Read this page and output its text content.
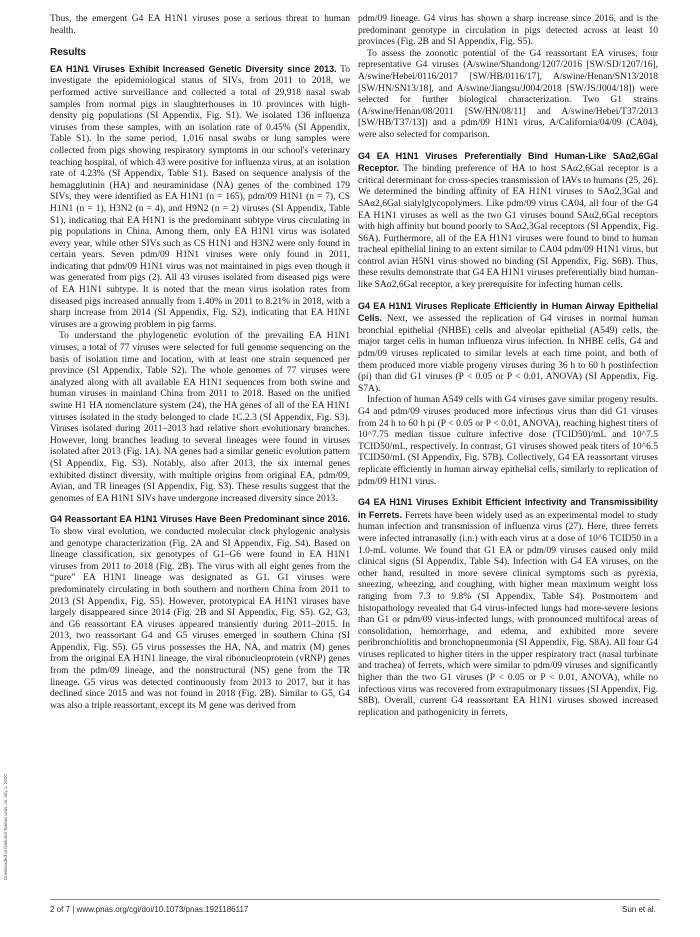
Thus, the emergent G4 EA H1N1 viruses pose a serious threat to human health.

Results

EA H1N1 Viruses Exhibit Increased Genetic Diversity since 2013. To investigate the epidemiological status of SIVs, from 2011 to 2018, we performed active surveillance and collected a total of 29,918 nasal swab samples from normal pigs in slaughterhouses in 10 provinces with high-density pig populations (SI Appendix, Fig. S1). We isolated 136 influenza viruses from these samples, with an isolation rate of 0.45% (SI Appendix, Table S1). In the same period, 1,016 nasal swabs or lung samples were collected from pigs showing respiratory symptoms in our school's veterinary teaching hospital, of which 43 were positive for influenza virus, at an isolation rate of 4.23% (SI Appendix, Table S1). Based on sequence analysis of the hemagglutinin (HA) and neuraminidase (NA) genes of the combined 179 SIVs, they were identified as EA H1N1 (n = 165), pdm/09 H1N1 (n = 7), CS H1N1 (n = 1), H3N2 (n = 4), and H9N2 (n = 2) viruses (SI Appendix, Table S1), indicating that EA H1N1 is the predominant subtype virus circulating in pig populations in China. Among them, only EA H1N1 virus was isolated every year, while other SIVs such as CS H1N1 and H3N2 were only found in certain years. Seven pdm/09 H1N1 viruses were only found in 2011, indicating that pdm/09 H1N1 virus was not maintained in pigs even though it was generated from pigs (2). All 43 viruses isolated from diseased pigs were of EA H1N1 subtype. It is noted that the mean virus isolation rates from diseased pigs increased annually from 1.40% in 2011 to 8.21% in 2018, with a sharp increase from 2014 (SI Appendix, Fig. S2), indicating that EA H1N1 viruses are a growing problem in pig farms.

To understand the phylogenetic evolution of the prevailing EA H1N1 viruses, a total of 77 viruses were selected for full genome sequencing on the basis of isolation time and location, with at least one strain sequenced per province (SI Appendix, Table S2). The whole genomes of 77 viruses were analyzed along with all available EA H1N1 sequences from both swine and human viruses in mainland China from 2011 to 2018. Based on the unified swine H1 HA nomenclature system (24), the HA genes of all of the EA H1N1 viruses isolated in the study belonged to clade 1C.2.3 (SI Appendix, Fig. S3). Viruses isolated during 2011–2013 had relative short evolutionary branches. However, long branches leading to several lineages were found in viruses isolated after 2013 (Fig. 1A). NA genes had a similar genetic evolution pattern (SI Appendix, Fig. S3). Notably, also after 2013, the six internal genes exhibited distinct diversity, with multiple origins from original EA, pdm/09, Avian, and TR lineages (SI Appendix, Fig. S3). These results suggest that the genomes of EA H1N1 SIVs have undergone increased diversity since 2013.

G4 Reassortant EA H1N1 Viruses Have Been Predominant since 2016. To show viral evolution, we conducted molecular clock phylogenic analysis and genotype characterization (Fig. 2A and SI Appendix, Fig. S4). Based on lineage classification, six genotypes of G1–G6 were found in EA H1N1 viruses from 2011 to 2018 (Fig. 2B). The virus with all eight genes from the “pure” EA H1N1 lineage was designated as G1. G1 viruses were predominately circulating in both southern and northern China from 2011 to 2013 (SI Appendix, Fig. S5). However, prototypical EA H1N1 viruses have largely disappeared since 2014 (Fig. 2B and SI Appendix, Fig. S5). G2, G3, and G6 reassortant EA viruses appeared transiently during 2011–2015. In 2013, two reassortant G4 and G5 viruses emerged in southern China (SI Appendix, Fig. S5). G5 virus possesses the HA, NA, and matrix (M) genes from the original EA H1N1 lineage, the viral ribonucleoprotein (vRNP) genes from the pdm/09 lineage, and the nonstructural (NS) gene from the TR lineage. G5 virus was detected continuously from 2013 to 2017, but it has declined since 2015 and was not found in 2018 (Fig. 2B). Similar to G5, G4 was also a triple reassortant, except its M gene was derived from

pdm/09 lineage. G4 virus has shown a sharp increase since 2016, and is the predominant genotype in circulation in pigs detected across at least 10 provinces (Fig. 2B and SI Appendix, Fig. S5).

To assess the zoonotic potential of the G4 reassortant EA viruses, four representative G4 viruses (A/swine/Shandong/1207/2016 [SW/SD/1207/16], A/swine/Hebei/0116/2017 [SW/HB/0116/17], A/swine/Henan/SN13/2018 [SW/HN/SN13/18], and A/swine/Jiangsu/J004/2018 [SW/JS/J004/18]) were selected for further biological characterization. Two G1 strains (A/swine/Henan/08/2011 [SW/HN/08/11] and A/swine/Hebei/T37/2013 [SW/HB/T37/13]) and a pdm/09 H1N1 virus, A/California/04/09 (CA04), were also selected for comparison.

G4 EA H1N1 Viruses Preferentially Bind Human-Like SAα2,6Gal Receptor. The binding preference of HA to host SAα2,6Gal receptor is a critical determinant for cross-species transmission of IAVs to humans (25, 26). We determined the binding affinity of EA H1N1 viruses to SAα2,3Gal and SAα2,6Gal sialylglycopolymers. Like pdm/09 virus CA04, all four of the G4 EA H1N1 viruses as well as the two G1 viruses bound SAα2,6Gal receptors with high affinity but bound poorly to SAα2,3Gal receptors (SI Appendix, Fig. S6A). Furthermore, all of the EA H1N1 viruses were found to bind to human tracheal epithelial lining to an extent similar to CA04 pdm/09 H1N1 virus, but control avian H5N1 virus showed no binding (SI Appendix, Fig. S6B). Thus, these results demonstrate that G4 EA H1N1 viruses preferentially bind human-like SAα2,6Gal receptor, a key prerequisite for infecting human cells.

G4 EA H1N1 Viruses Replicate Efficiently in Human Airway Epithelial Cells. Next, we assessed the replication of G4 viruses in normal human bronchial epithelial (NHBE) cells and alveolar epithelial (A549) cells, the major target cells in human influenza virus infection. In NHBE cells, G4 and pdm/09 viruses replicated to similar levels at each time point, and both of them produced more viable progeny viruses during 36 h to 60 h postinfection (pi) than did G1 viruses (P < 0.05 or P < 0.01, ANOVA) (SI Appendix, Fig. S7A).

Infection of human A549 cells with G4 viruses gave similar progeny results. G4 and pdm/09 viruses produced more infectious virus than did G1 viruses from 24 h to 60 h pi (P < 0.05 or P < 0.01, ANOVA), reaching highest titers of 10^7.75 median tissue culture infective dose (TCID50)/mL and 10^7.5 TCID50/mL, respectively. In contrast, G1 viruses showed peak titers of 10^6.5 TCID50/mL (SI Appendix, Fig. S7B). Collectively, G4 EA reassortant viruses replicate efficiently in human airway epithelial cells, similarly to replication of pdm/09 H1N1 virus.

G4 EA H1N1 Viruses Exhibit Efficient Infectivity and Transmissibility in Ferrets. Ferrets have been widely used as an experimental model to study human infection and transmission of influenza virus (27). Here, three ferrets were infected intranasally (i.n.) with each virus at a dose of 10^6 TCID50 in a 1.0-mL volume. We found that G1 EA or pdm/09 viruses caused only mild clinical signs (SI Appendix, Table S4). Infection with G4 EA viruses, on the other hand, resulted in more severe clinical symptoms such as pyrexia, sneezing, wheezing, and coughing, with higher mean maximum weight loss ranging from 7.3 to 9.8% (SI Appendix, Table S4). Postmortem and histopathology revealed that G4 virus-infected lungs had more-severe lesions than G1 or pdm/09 virus-infected lungs, with pronounced multifocal areas of consolidation, hemorrhage, and edema, and exhibited more severe peribronchiolitis and bronchopneumonia (SI Appendix, Fig. S8A). All four G4 viruses replicated to higher titers in the upper respiratory tract (nasal turbinate and trachea) of ferrets, which were similar to pdm/09 viruses and significantly higher than the two G1 viruses (P < 0.05 or P < 0.01, ANOVA), while no infectious virus was recovered from extrapulmonary tissues (SI Appendix, Fig. S8B). Overall, current G4 reassortant EA H1N1 viruses showed increased replication and pathogenicity in ferrets,

2 of 7 | www.pnas.org/cgi/doi/10.1073/pnas.1921186117	Sun et al.
Downloaded at National Taiwan Univ. on July 1, 2020
